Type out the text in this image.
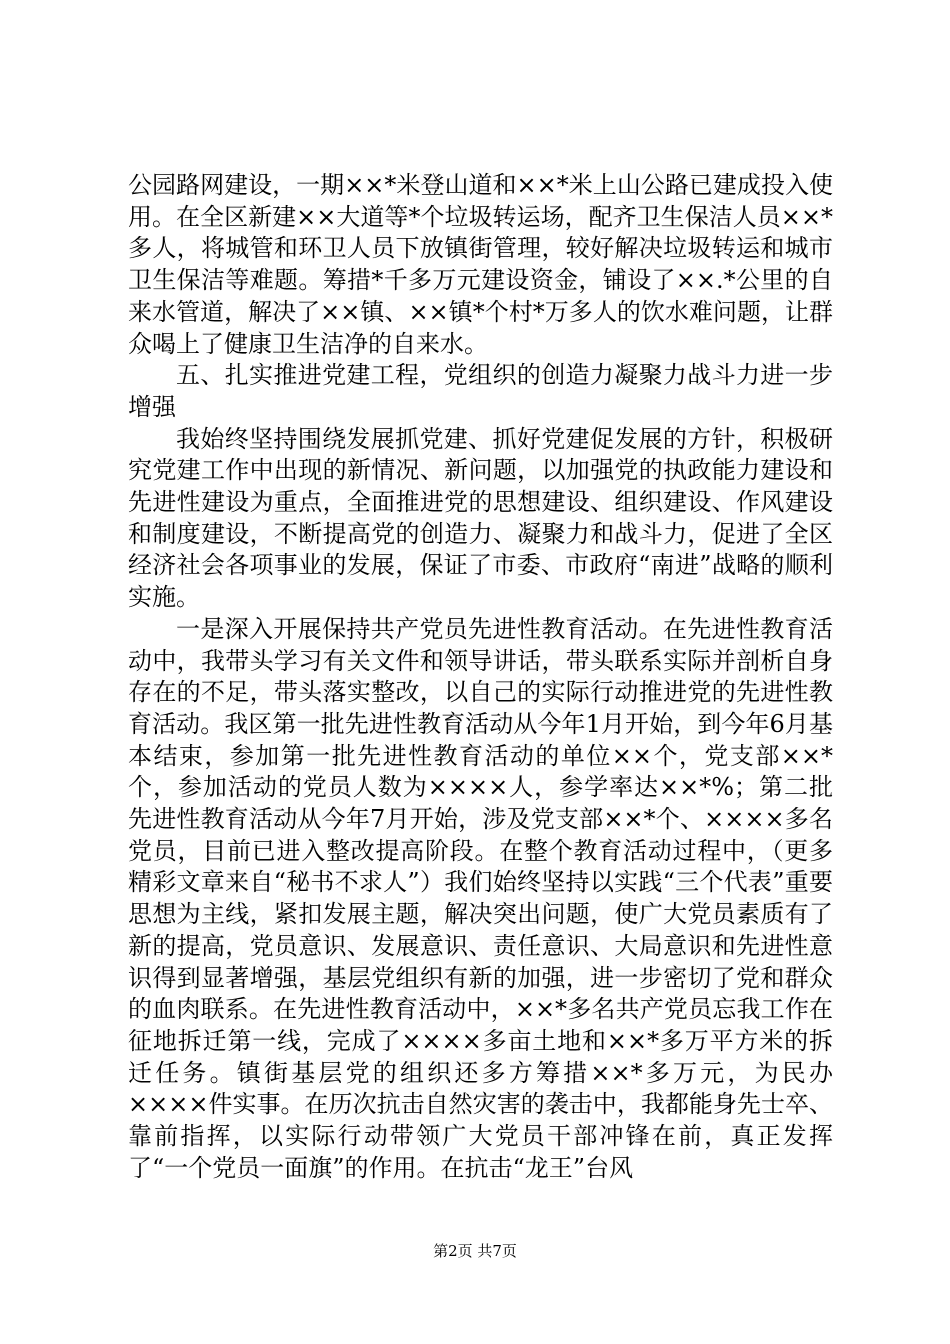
公园路网建设，一期××*米登山道和××*米上山公路已建成投入使用。在全区新建××大道等*个垃圾转运场，配齐卫生保洁人员××*多人，将城管和环卫人员下放镇街管理，较好解决垃圾转运和城市卫生保洁等难题。筹措*千多万元建设资金，铺设了××.*公里的自来水管道，解决了××镇、××镇*个村*万多人的饮水难问题，让群众喝上了健康卫生洁净的自来水。

五、扎实推进党建工程，党组织的创造力凝聚力战斗力进一步增强

我始终坚持围绕发展抓党建、抓好党建促发展的方针，积极研究党建工作中出现的新情况、新问题，以加强党的执政能力建设和先进性建设为重点，全面推进党的思想建设、组织建设、作风建设和制度建设，不断提高党的创造力、凝聚力和战斗力，促进了全区经济社会各项事业的发展，保证了市委、市政府“南进”战略的顺利实施。

一是深入开展保持共产党员先进性教育活动。在先进性教育活动中，我带头学习有关文件和领导讲话，带头联系实际并剖析自身存在的不足，带头落实整改，以自己的实际行动推进党的先进性教育活动。我区第一批先进性教育活动从今年1月开始，到今年6月基本结束，参加第一批先进性教育活动的单位××个，党支部××*个，参加活动的党员人数为××××人，参学率达××*%；第二批先进性教育活动从今年7月开始，涉及党支部××*个、××××多名党员，目前已进入整改提高阶段。在整个教育活动过程中，（更多精彩文章来自“秘书不求人”）我们始终坚持以实践“三个代表”重要思想为主线，紧扣发展主题，解决突出问题，使广大党员素质有了新的提高，党员意识、发展意识、责任意识、大局意识和先进性意识得到显著增强，基层党组织有新的加强，进一步密切了党和群众的血肉联系。在先进性教育活动中，××*多名共产党员忘我工作在征地拆迁第一线，完成了××××多亩土地和××*多万平方米的拆迁任务。镇街基层党的组织还多方筹措××*多万元，为民办××××件实事。在历次抗击自然灾害的袭击中，我都能身先士卒、靠前指挥，以实际行动带领广大党员干部冲锋在前，真正发挥了“一个党员一面旗”的作用。在抗击“龙王”台风

第2页 共7页
